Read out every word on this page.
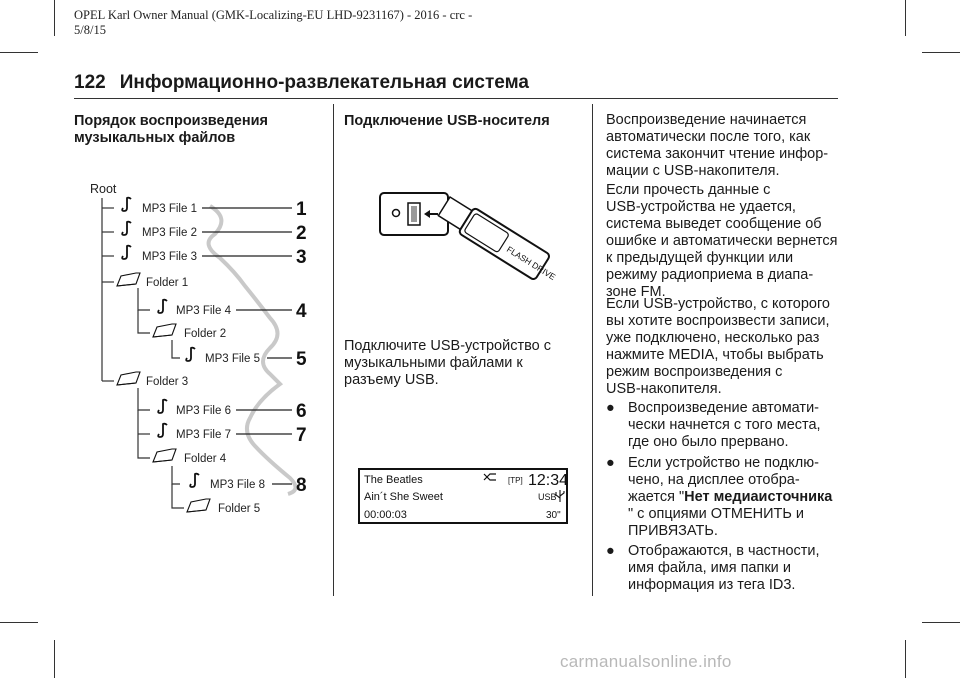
OPEL Karl Owner Manual (GMK-Localizing-EU LHD-9231167) - 2016 - crc -
5/8/15
122 Информационно-развлекательная система
Порядок воспроизведения
музыкальных файлов
Root
MP3 File 1
MP3 File 2
MP3 File 3
Folder 1
MP3 File 4
Folder 2
MP3 File 5
Folder 3
MP3 File 6
MP3 File 7
Folder 4
MP3 File 8
Folder 5
1
2
3
4
5
6
7
8
Подключение USB-носителя
FLASH DRIVE
Подключите USB-устройство с
музыкальными файлами к
разъему USB.
The Beatles
Ain´t She Sweet
00:00:03
[TP] 12:34
USB
30"
Воспроизведение начинается
автоматически после того, как
система закончит чтение инфор-
мации с USB-накопителя.
Если прочесть данные с
USB-устройства не удается,
система выведет сообщение об
ошибке и автоматически вернется
к предыдущей функции или
режиму радиоприема в диапа-
зоне FM.
Если USB-устройство, с которого
вы хотите воспроизвести записи,
уже подключено, несколько раз
нажмите MEDIA, чтобы выбрать
режим воспроизведения с
USB-накопителя.
● Воспроизведение автомати-
чески начнется с того места,
где оно было прервано.
● Если устройство не подклю-
чено, на дисплее отобра-
жается "Нет медиаисточника
" с опциями ОТМЕНИТЬ и
ПРИВЯЗАТЬ.
● Отображаются, в частности,
имя файла, имя папки и
информация из тега ID3.
carmanualsonline.info
